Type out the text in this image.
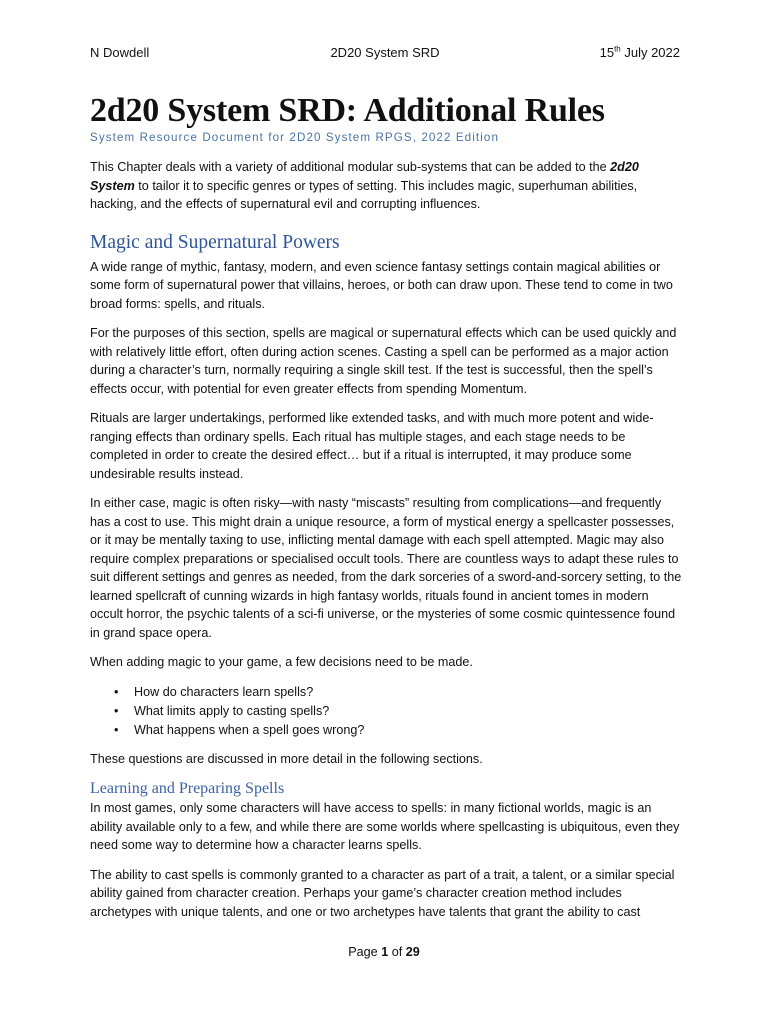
N Dowdell	2D20 System SRD	15th July 2022
2d20 System SRD: Additional Rules
System Resource Document for 2D20 System RPGS, 2022 Edition

This Chapter deals with a variety of additional modular sub-systems that can be added to the 2d20 System to tailor it to specific genres or types of setting. This includes magic, superhuman abilities, hacking, and the effects of supernatural evil and corrupting influences.

Magic and Supernatural Powers

A wide range of mythic, fantasy, modern, and even science fantasy settings contain magical abilities or some form of supernatural power that villains, heroes, or both can draw upon. These tend to come in two broad forms: spells, and rituals.

For the purposes of this section, spells are magical or supernatural effects which can be used quickly and with relatively little effort, often during action scenes. Casting a spell can be performed as a major action during a character’s turn, normally requiring a single skill test. If the test is successful, then the spell’s effects occur, with potential for even greater effects from spending Momentum.

Rituals are larger undertakings, performed like extended tasks, and with much more potent and wide-ranging effects than ordinary spells. Each ritual has multiple stages, and each stage needs to be completed in order to create the desired effect… but if a ritual is interrupted, it may produce some undesirable results instead.

In either case, magic is often risky—with nasty “miscasts” resulting from complications—and frequently has a cost to use. This might drain a unique resource, a form of mystical energy a spellcaster possesses, or it may be mentally taxing to use, inflicting mental damage with each spell attempted. Magic may also require complex preparations or specialised occult tools. There are countless ways to adapt these rules to suit different settings and genres as needed, from the dark sorceries of a sword-and-sorcery setting, to the learned spellcraft of cunning wizards in high fantasy worlds, rituals found in ancient tomes in modern occult horror, the psychic talents of a sci-fi universe, or the mysteries of some cosmic quintessence found in grand space opera.

When adding magic to your game, a few decisions need to be made.

• How do characters learn spells?
• What limits apply to casting spells?
• What happens when a spell goes wrong?

These questions are discussed in more detail in the following sections.

Learning and Preparing Spells

In most games, only some characters will have access to spells: in many fictional worlds, magic is an ability available only to a few, and while there are some worlds where spellcasting is ubiquitous, even they need some way to determine how a character learns spells.

The ability to cast spells is commonly granted to a character as part of a trait, a talent, or a similar special ability gained from character creation. Perhaps your game’s character creation method includes archetypes with unique talents, and one or two archetypes have talents that grant the ability to cast

Page 1 of 29
